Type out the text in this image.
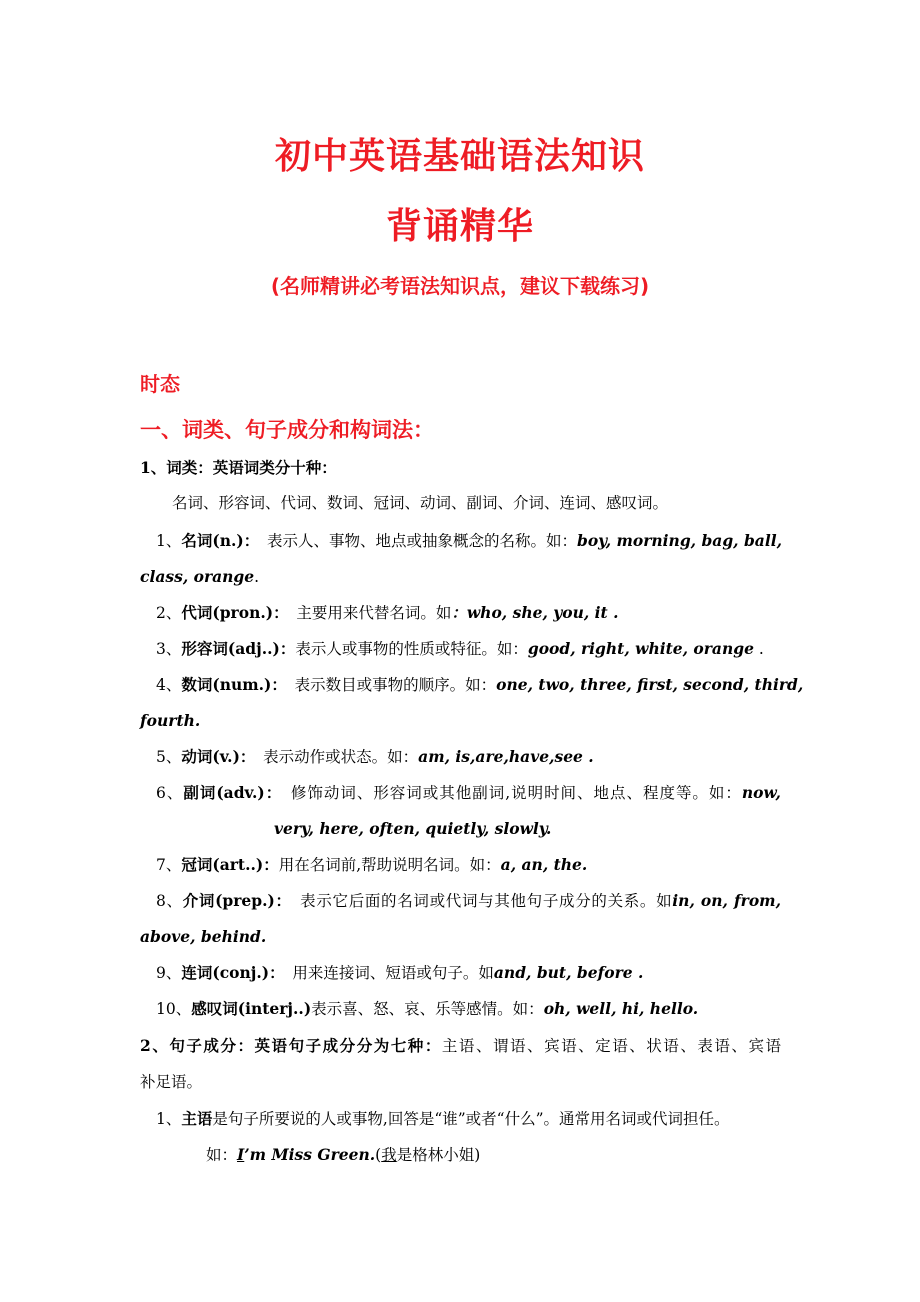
初中英语基础语法知识
背诵精华
(名师精讲必考语法知识点，建议下载练习)
时态
一、词类、句子成分和构词法：
1、词类：英语词类分十种：
名词、形容词、代词、数词、冠词、动词、副词、介词、连词、感叹词。
1、名词(n.)：　表示人、事物、地点或抽象概念的名称。如：boy, morning, bag, ball,
class, orange.
2、代词(pron.)：　主要用来代替名词。如：who, she, you, it .
3、形容词(adj..)：表示人或事物的性质或特征。如：good, right, white, orange .
4、数词(num.)：　表示数目或事物的顺序。如：one, two, three, first, second, third,
fourth.
5、动词(v.)：　表示动作或状态。如：am, is,are,have,see .
6、副词(adv.)：　修饰动词、形容词或其他副词,说明时间、地点、程度等。如：now,
very, here, often, quietly, slowly.
7、冠词(art..)：用在名词前,帮助说明名词。如：a, an, the.
8、介词(prep.)：　表示它后面的名词或代词与其他句子成分的关系。如in, on, from,
above, behind.
9、连词(conj.)：　用来连接词、短语或句子。如and, but, before .
10、感叹词(interj..)表示喜、怒、哀、乐等感情。如：oh, well, hi, hello.
2、句子成分：英语句子成分分为七种：主语、谓语、宾语、定语、状语、表语、宾语
补足语。
1、主语是句子所要说的人或事物,回答是“谁”或者“什么”。通常用名词或代词担任。
如：I’m Miss Green.(我是格林小姐)
